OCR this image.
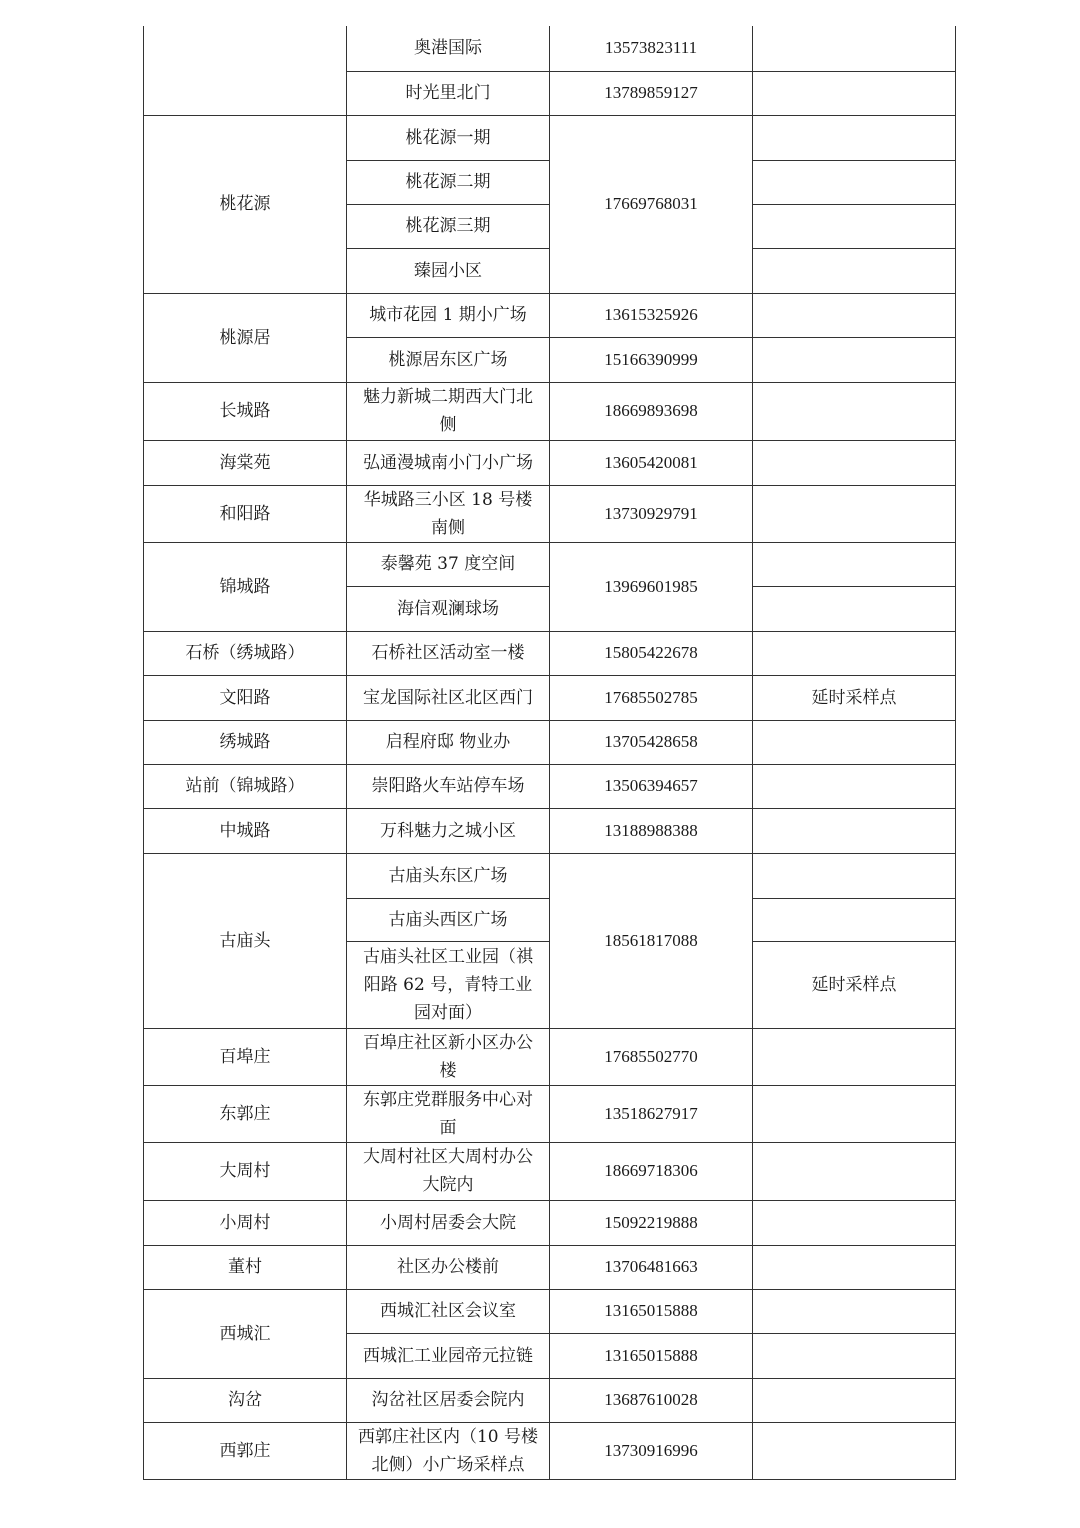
	奥港国际	13573823111	
	时光里北门	13789859127	
桃花源	桃花源一期	17669768031	
	桃花源二期		
	桃花源三期		
	臻园小区		
桃源居	城市花园 1 期小广场	13615325926	
	桃源居东区广场	15166390999	
长城路	魅力新城二期西大门北侧	18669893698	
海棠苑	弘通漫城南小门小广场	13605420081	
和阳路	华城路三小区 18 号楼南侧	13730929791	
锦城路	泰馨苑 37 度空间	13969601985	
	海信观澜球场		
石桥（绣城路）	石桥社区活动室一楼	15805422678	
文阳路	宝龙国际社区北区西门	17685502785	延时采样点
绣城路	启程府邸 物业办	13705428658	
站前（锦城路）	崇阳路火车站停车场	13506394657	
中城路	万科魅力之城小区	13188988388	
古庙头	古庙头东区广场	18561817088	
	古庙头西区广场		
	古庙头社区工业园（祺阳路 62 号，青特工业园对面）		延时采样点
百埠庄	百埠庄社区新小区办公楼	17685502770	
东郭庄	东郭庄党群服务中心对面	13518627917	
大周村	大周村社区大周村办公大院内	18669718306	
小周村	小周村居委会大院	15092219888	
董村	社区办公楼前	13706481663	
西城汇	西城汇社区会议室	13165015888	
	西城汇工业园帝元拉链	13165015888	
沟岔	沟岔社区居委会院内	13687610028	
西郭庄	西郭庄社区内（10 号楼北侧）小广场采样点	13730916996	
